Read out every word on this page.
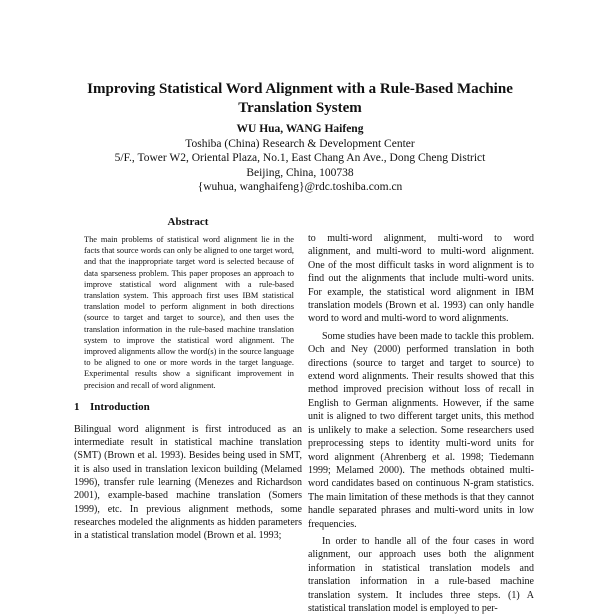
Improving Statistical Word Alignment with a Rule-Based Machine Translation System
WU Hua, WANG Haifeng
Toshiba (China) Research & Development Center
5/F., Tower W2, Oriental Plaza, No.1, East Chang An Ave., Dong Cheng District
Beijing, China, 100738
{wuhua, wanghaifeng}@rdc.toshiba.com.cn
Abstract
The main problems of statistical word alignment lie in the facts that source words can only be aligned to one target word, and that the inappropriate target word is selected because of data sparseness problem. This paper proposes an approach to improve statistical word alignment with a rule-based translation system. This approach first uses IBM statistical translation model to perform alignment in both directions (source to target and target to source), and then uses the translation information in the rule-based machine translation system to improve the statistical word alignment. The improved alignments allow the word(s) in the source language to be aligned to one or more words in the target language. Experimental results show a significant improvement in precision and recall of word alignment.
1 Introduction
Bilingual word alignment is first introduced as an intermediate result in statistical machine translation (SMT) (Brown et al. 1993). Besides being used in SMT, it is also used in translation lexicon building (Melamed 1996), transfer rule learning (Menezes and Richardson 2001), example-based machine translation (Somers 1999), etc. In previous alignment methods, some researches modeled the alignments as hidden parameters in a statistical translation model (Brown et al. 1993;

to multi-word alignment, multi-word to word alignment, and multi-word to multi-word alignment. One of the most difficult tasks in word alignment is to find out the alignments that include multi-word units. For example, the statistical word alignment in IBM translation models (Brown et al. 1993) can only handle word to word and multi-word to word alignments.

Some studies have been made to tackle this problem. Och and Ney (2000) performed translation in both directions (source to target and target to source) to extend word alignments. Their results showed that this method improved precision without loss of recall in English to German alignments. However, if the same unit is aligned to two different target units, this method is unlikely to make a selection. Some researchers used preprocessing steps to identity multi-word units for word alignment (Ahrenberg et al. 1998; Tiedemann 1999; Melamed 2000). The methods obtained multi-word candidates based on continuous N-gram statistics. The main limitation of these methods is that they cannot handle separated phrases and multi-word units in low frequencies.

In order to handle all of the four cases in word alignment, our approach uses both the alignment information in statistical translation models and translation information in a rule-based machine translation system. It includes three steps. (1) A statistical translation model is employed to per-
